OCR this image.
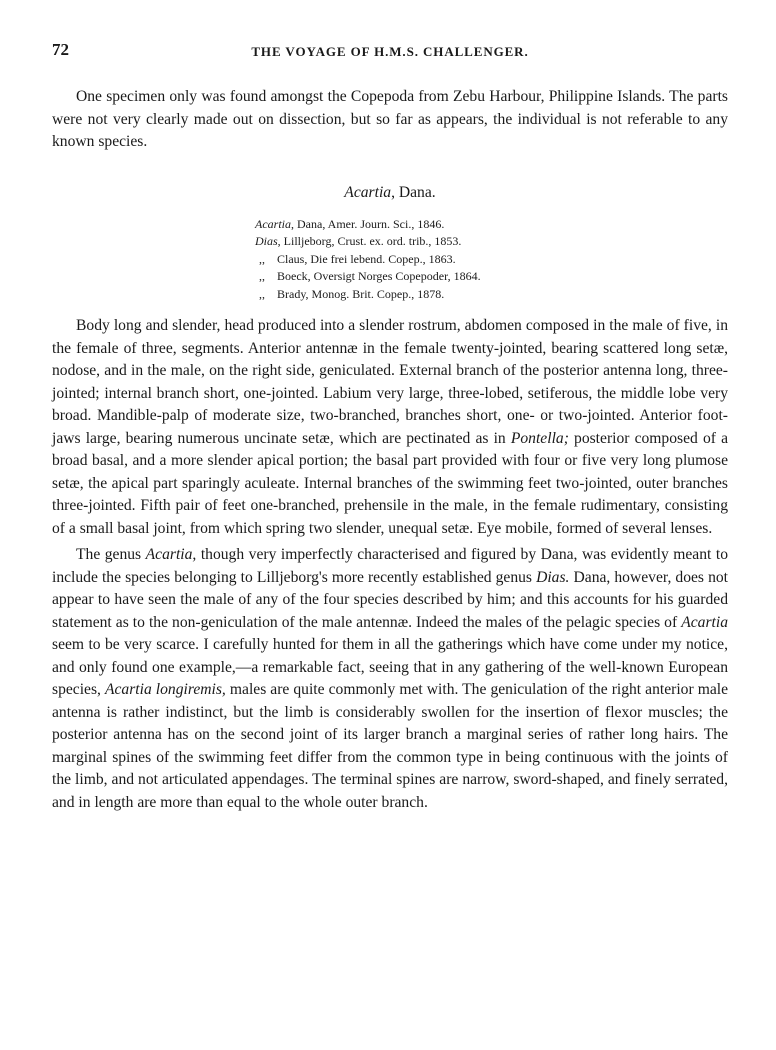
72	THE VOYAGE OF H.M.S. CHALLENGER.

One specimen only was found amongst the Copepoda from Zebu Harbour, Philippine Islands. The parts were not very clearly made out on dissection, but so far as appears, the individual is not referable to any known species.

Acartia, Dana.
Acartia, Dana, Amer. Journ. Sci., 1846.
Dias, Lilljeborg, Crust. ex. ord. trib., 1853.
,, Claus, Die frei lebend. Copep., 1863.
,, Boeck, Oversigt Norges Copepoder, 1864.
,, Brady, Monog. Brit. Copep., 1878.

Body long and slender, head produced into a slender rostrum, abdomen composed in the male of five, in the female of three, segments. Anterior antennæ in the female twenty-jointed, bearing scattered long setæ, nodose, and in the male, on the right side, geniculated. External branch of the posterior antenna long, three-jointed; internal branch short, one-jointed. Labium very large, three-lobed, setiferous, the middle lobe very broad. Mandible-palp of moderate size, two-branched, branches short, one- or two-jointed. Anterior foot-jaws large, bearing numerous uncinate setæ, which are pectinated as in Pontella; posterior composed of a broad basal, and a more slender apical portion; the basal part provided with four or five very long plumose setæ, the apical part sparingly aculeate. Internal branches of the swimming feet two-jointed, outer branches three-jointed. Fifth pair of feet one-branched, prehensile in the male, in the female rudimentary, consisting of a small basal joint, from which spring two slender, unequal setæ. Eye mobile, formed of several lenses.

The genus Acartia, though very imperfectly characterised and figured by Dana, was evidently meant to include the species belonging to Lilljeborg's more recently established genus Dias. Dana, however, does not appear to have seen the male of any of the four species described by him; and this accounts for his guarded statement as to the non-geniculation of the male antennæ. Indeed the males of the pelagic species of Acartia seem to be very scarce. I carefully hunted for them in all the gatherings which have come under my notice, and only found one example,—a remarkable fact, seeing that in any gathering of the well-known European species, Acartia longiremis, males are quite commonly met with. The geniculation of the right anterior male antenna is rather indistinct, but the limb is considerably swollen for the insertion of flexor muscles; the posterior antenna has on the second joint of its larger branch a marginal series of rather long hairs. The marginal spines of the swimming feet differ from the common type in being continuous with the joints of the limb, and not articulated appendages. The terminal spines are narrow, sword-shaped, and finely serrated, and in length are more than equal to the whole outer branch.
